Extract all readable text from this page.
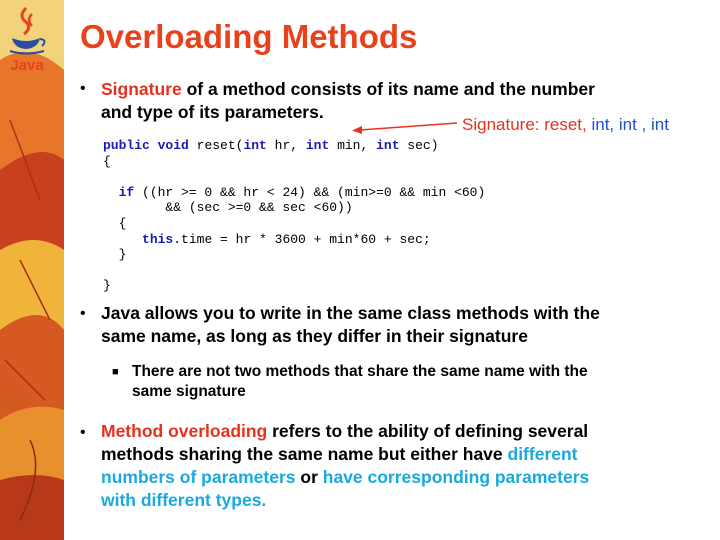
Java
Overloading Methods
• Signature of a method consists of its name and the number
and type of its parameters.
Signature: reset, int, int , int
public void reset(int hr, int min, int sec)
{

if ((hr >= 0 && hr < 24) && (min>=0 && min <60)
&& (sec >=0 && sec <60))
{
this.time = hr * 3600 + min*60 + sec;
}

}
• Java allows you to write in the same class methods with the
same name, as long as they differ in their signature
■ There are not two methods that share the same name with the
same signature
• Method overloading refers to the ability of defining several
methods sharing the same name but either have different
numbers of parameters or have corresponding parameters
with different types.
